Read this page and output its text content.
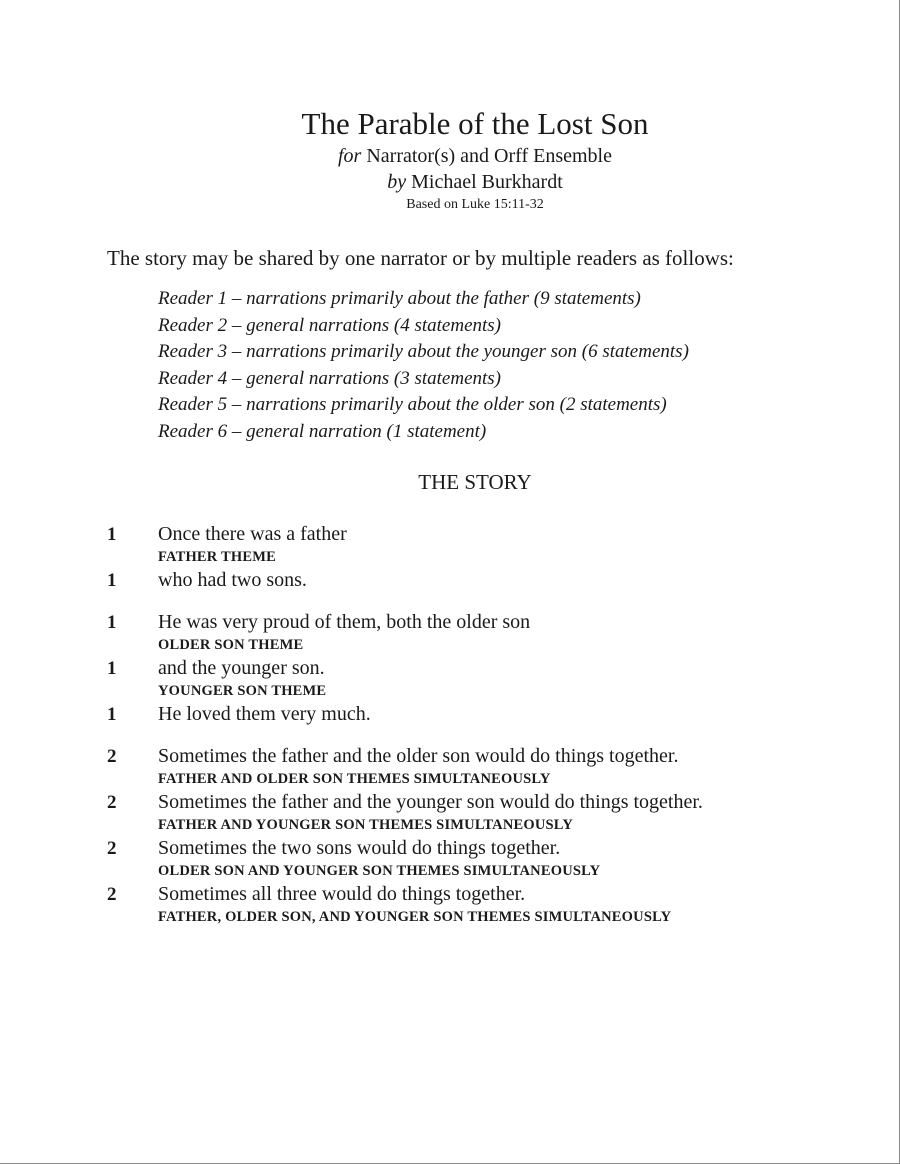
The Parable of the Lost Son
for Narrator(s) and Orff Ensemble
by Michael Burkhardt
Based on Luke 15:11-32
The story may be shared by one narrator or by multiple readers as follows:
Reader 1 – narrations primarily about the father (9 statements)
Reader 2 – general narrations (4 statements)
Reader 3 – narrations primarily about the younger son (6 statements)
Reader 4 – general narrations (3 statements)
Reader 5 – narrations primarily about the older son (2 statements)
Reader 6 – general narration (1 statement)
THE STORY
1	Once there was a father
FATHER THEME
1	who had two sons.
1	He was very proud of them, both the older son
OLDER SON THEME
1	and the younger son.
YOUNGER SON THEME
1	He loved them very much.
2	Sometimes the father and the older son would do things together.
FATHER AND OLDER SON THEMES SIMULTANEOUSLY
2	Sometimes the father and the younger son would do things together.
FATHER AND YOUNGER SON THEMES SIMULTANEOUSLY
2	Sometimes the two sons would do things together.
OLDER SON AND YOUNGER SON THEMES SIMULTANEOUSLY
2	Sometimes all three would do things together.
FATHER, OLDER SON, AND YOUNGER SON THEMES SIMULTANEOUSLY
